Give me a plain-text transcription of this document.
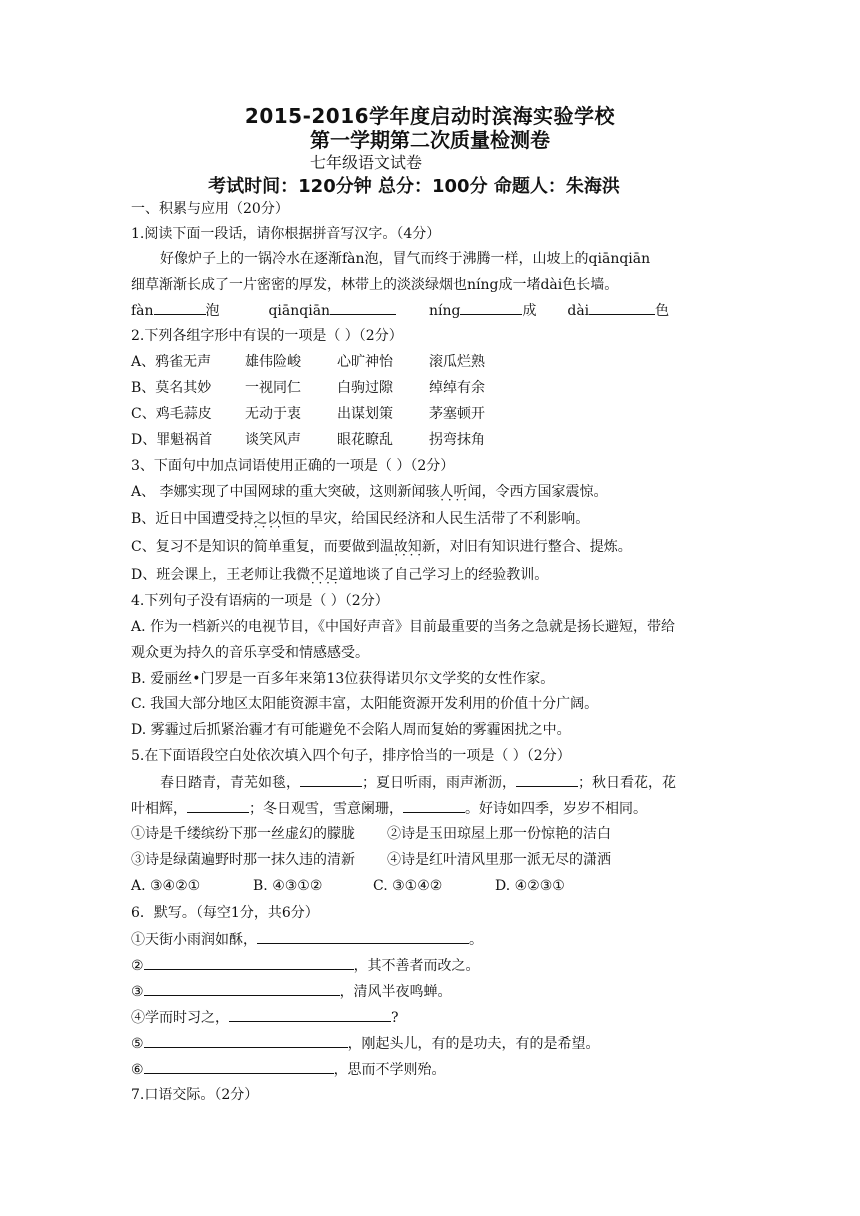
2015-2016学年度启动时滨海实验学校
第一学期第二次质量检测卷
七年级语文试卷
考试时间：120分钟 总分：100分 命题人：朱海洪
一、积累与应用（20分）
1.阅读下面一段话，请你根据拼音写汉字。（4分）
好像炉子上的一锅冷水在逐渐fàn泡，冒气而终于沸腾一样，山坡上的qiānqiān
细草渐渐长成了一片密密的厚发，林带上的淡淡绿烟也níng成一堵dài色长墙。
fàn	泡	qiānqiān	níng	成 dài	色
2.下列各组字形中有误的一项是（ ）（2分）
A、鸦雀无声 雄伟险峻	心旷神怡	滚瓜烂熟
B、莫名其妙 一视同仁	白驹过隙	绰绰有余
C、鸡毛蒜皮 无动于衷	出谋划策	茅塞顿开
D、罪魁祸首 谈笑风声	眼花瞭乱	拐弯抹角
3、下面句中加点词语使用正确的一项是（ ）（2分）
A、 李娜实现了中国网球的重大突破，这则新闻骇人听闻 · · ，令西方国家震惊。
B、近日中国遭受持之以恒 · · 的旱灾，给国民经济和人民生活带了不利影响。
C、复习不是知识的简单重复，而要做到温故知新 · · ，对旧有知识进行整合、提炼。
D、班会课上，王老师让我微不足道 · · 地谈了自己学习上的经验教训。
4.下列句子没有语病的一项是（ ）（2分）
A. 作为一档新兴的电视节目，《中国好声音》目前最重要的当务之急就是扬长避短，带给
观众更为持久的音乐享受和情感感受。
B. 爱丽丝•门罗是一百多年来第13位获得诺贝尔文学奖的女性作家。
C. 我国大部分地区太阳能资源丰富，太阳能资源开发利用的价值十分广阔。
D. 雾霾过后抓紧治霾才有可能避免不会陷人周而复始的雾霾困扰之中。
5.在下面语段空白处依次填入四个句子，排序恰当的一项是（ ）（2分）
春日踏青，青芜如毯，	；夏日听雨，雨声淅沥，	；秋日看花，花
叶相辉，	；冬日观雪，雪意阑珊，	。好诗如四季，岁岁不相同。
①诗是千缕缤纷下那一丝虚幻的朦胧 ②诗是玉田琼屋上那一份惊艳的洁白
③诗是绿菌遍野时那一抹久违的清新 ④诗是红叶清风里那一派无尽的潇洒
A. ③④②①	B. ④③①②	C. ③①④②	D. ④②③①
6．默写。（每空1分，共6分）
①天街小雨润如酥，	。
②	，其不善者而改之。
③	，清风半夜鸣蝉。
④学而时习之，	?
⑤	，刚起头儿，有的是功夫，有的是希望。
⑥	，思而不学则殆。
7.口语交际。（2分）
